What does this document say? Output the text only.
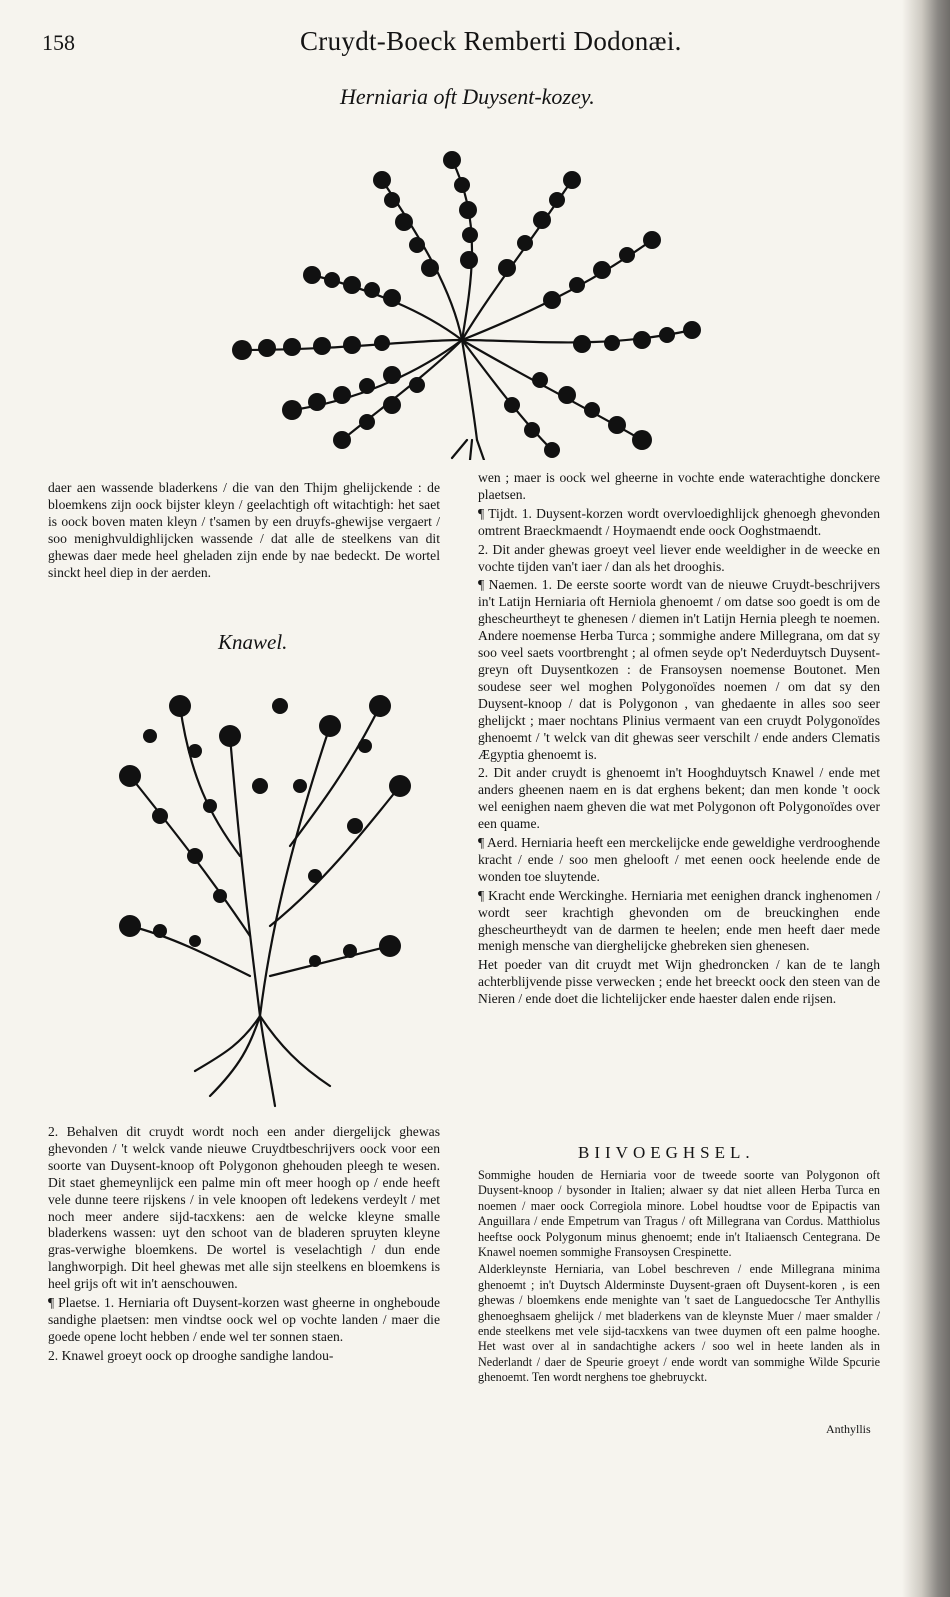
158	Cruydt-Boeck Remberti Dodonæi.
Herniaria oft Duysent-kozey.

daer aen wassende bladerkens / die van den Thijm ghelijckende : de bloemkens zijn oock bijster kleyn / geelachtigh oft witachtigh: het saet is oock boven maten kleyn / t'samen by een druyfs-ghewijse vergaert / soo menighvuldighlijcken wassende / dat alle de steelkens van dit ghewas daer mede heel gheladen zijn ende by nae bedeckt. De wortel sinckt heel diep in der aerden.

Knawel.

2. Behalven dit cruydt wordt noch een ander diergelijck ghewas ghevonden / 't welck vande nieuwe Cruydtbeschrijvers oock voor een soorte van Duysent-knoop oft Polygonon ghehouden pleegh te wesen. Dit staet ghemeynlijck een palme min oft meer hoogh op / ende heeft vele dunne teere rijskens / in vele knoopen oft ledekens verdeylt / met noch meer andere sijd-tacxkens: aen de welcke kleyne smalle bladerkens wassen: uyt den schoot van de bladeren spruyten kleyne gras-verwighe bloemkens. De wortel is veselachtigh / dun ende langhworpigh. Dit heel ghewas met alle sijn steelkens en bloemkens is heel grijs oft wit in't aenschouwen.

¶ Plaetse. 1. Herniaria oft Duysent-korzen wast gheerne in ongheboude sandighe plaetsen: men vindtse oock wel op vochte landen / maer die goede opene locht hebben / ende wel ter sonnen staen.

2. Knawel groeyt oock op drooghe sandighe landou-

wen ; maer is oock wel gheerne in vochte ende waterachtighe donckere plaetsen.

¶ Tijdt. 1. Duysent-korzen wordt overvloedighlijck ghenoegh ghevonden omtrent Braeckmaendt / Hoymaendt ende oock Ooghstmaendt.

2. Dit ander ghewas groeyt veel liever ende weeldigher in de weecke en vochte tijden van't iaer / dan als het drooghis.

¶ Naemen. 1. De eerste soorte wordt van de nieuwe Cruydt-beschrijvers in't Latijn Herniaria oft Herniola ghenoemt / om datse soo goedt is om de ghescheurtheyt te ghenesen / diemen in't Latijn Hernia pleegh te noemen. Andere noemense Herba Turca ; sommighe andere Millegrana, om dat sy soo veel saets voortbrenght ; al ofmen seyde op't Nederduytsch Duysent-greyn oft Duysentkozen : de Fransoysen noemense Boutonet. Men soudese seer wel moghen Polygonoïdes noemen / om dat sy den Duysent-knoop / dat is Polygonon , van ghedaente in alles soo seer ghelijckt ; maer nochtans Plinius vermaent van een cruydt Polygonoïdes ghenoemt / 't welck van dit ghewas seer verschilt / ende anders Clematis Ægyptia ghenoemt is.

2. Dit ander cruydt is ghenoemt in't Hooghduytsch Knawel / ende met anders gheenen naem en is dat erghens bekent; dan men konde 't oock wel eenighen naem gheven die wat met Polygonon oft Polygonoïdes over een quame.

¶ Aerd. Herniaria heeft een merckelijcke ende geweldighe verdrooghende kracht / ende / soo men ghelooft / met eenen oock heelende ende de wonden toe sluytende.

¶ Kracht ende Werckinghe. Herniaria met eenighen dranck inghenomen / wordt seer krachtigh ghevonden om de breuckinghen ende ghescheurtheydt van de darmen te heelen; ende men heeft daer mede menigh mensche van dierghelijcke ghebreken sien ghenesen.

Het poeder van dit cruydt met Wijn ghedroncken / kan de te langh achterblijvende pisse verwecken ; ende het breeckt oock den steen van de Nieren / ende doet die lichtelijcker ende haester dalen ende rijsen.

BIIVOEGHSEL.

Sommighe houden de Herniaria voor de tweede soorte van Polygonon oft Duysent-knoop / bysonder in Italien; alwaer sy dat niet alleen Herba Turca en noemen / maer oock Corregiola minore. Lobel houdtse voor de Epipactis van Anguillara / ende Empetrum van Tragus / oft Millegrana van Cordus. Matthiolus heeftse oock Polygonum minus ghenoemt; ende in't Italiaensch Centegrana. De Knawel noemen sommighe Fransoysen Crespinette.

Alderkleynste Herniaria, van Lobel beschreven / ende Millegrana minima ghenoemt ; in't Duytsch Alderminste Duysent-graen oft Duysent-koren , is een ghewas / bloemkens ende menighte van 't saet de Languedocsche Ter Anthyllis ghenoeghsaem ghelijck / met bladerkens van de kleynste Muer / maer smalder / ende steelkens met vele sijd-tacxkens van twee duymen oft een palme hooghe. Het wast over al in sandachtighe ackers / soo wel in heete landen als in Nederlandt / daer de Speurie groeyt / ende wordt van sommighe Wilde Spcurie ghenoemt. Ten wordt nerghens toe ghebruyckt.

Anthyllis
